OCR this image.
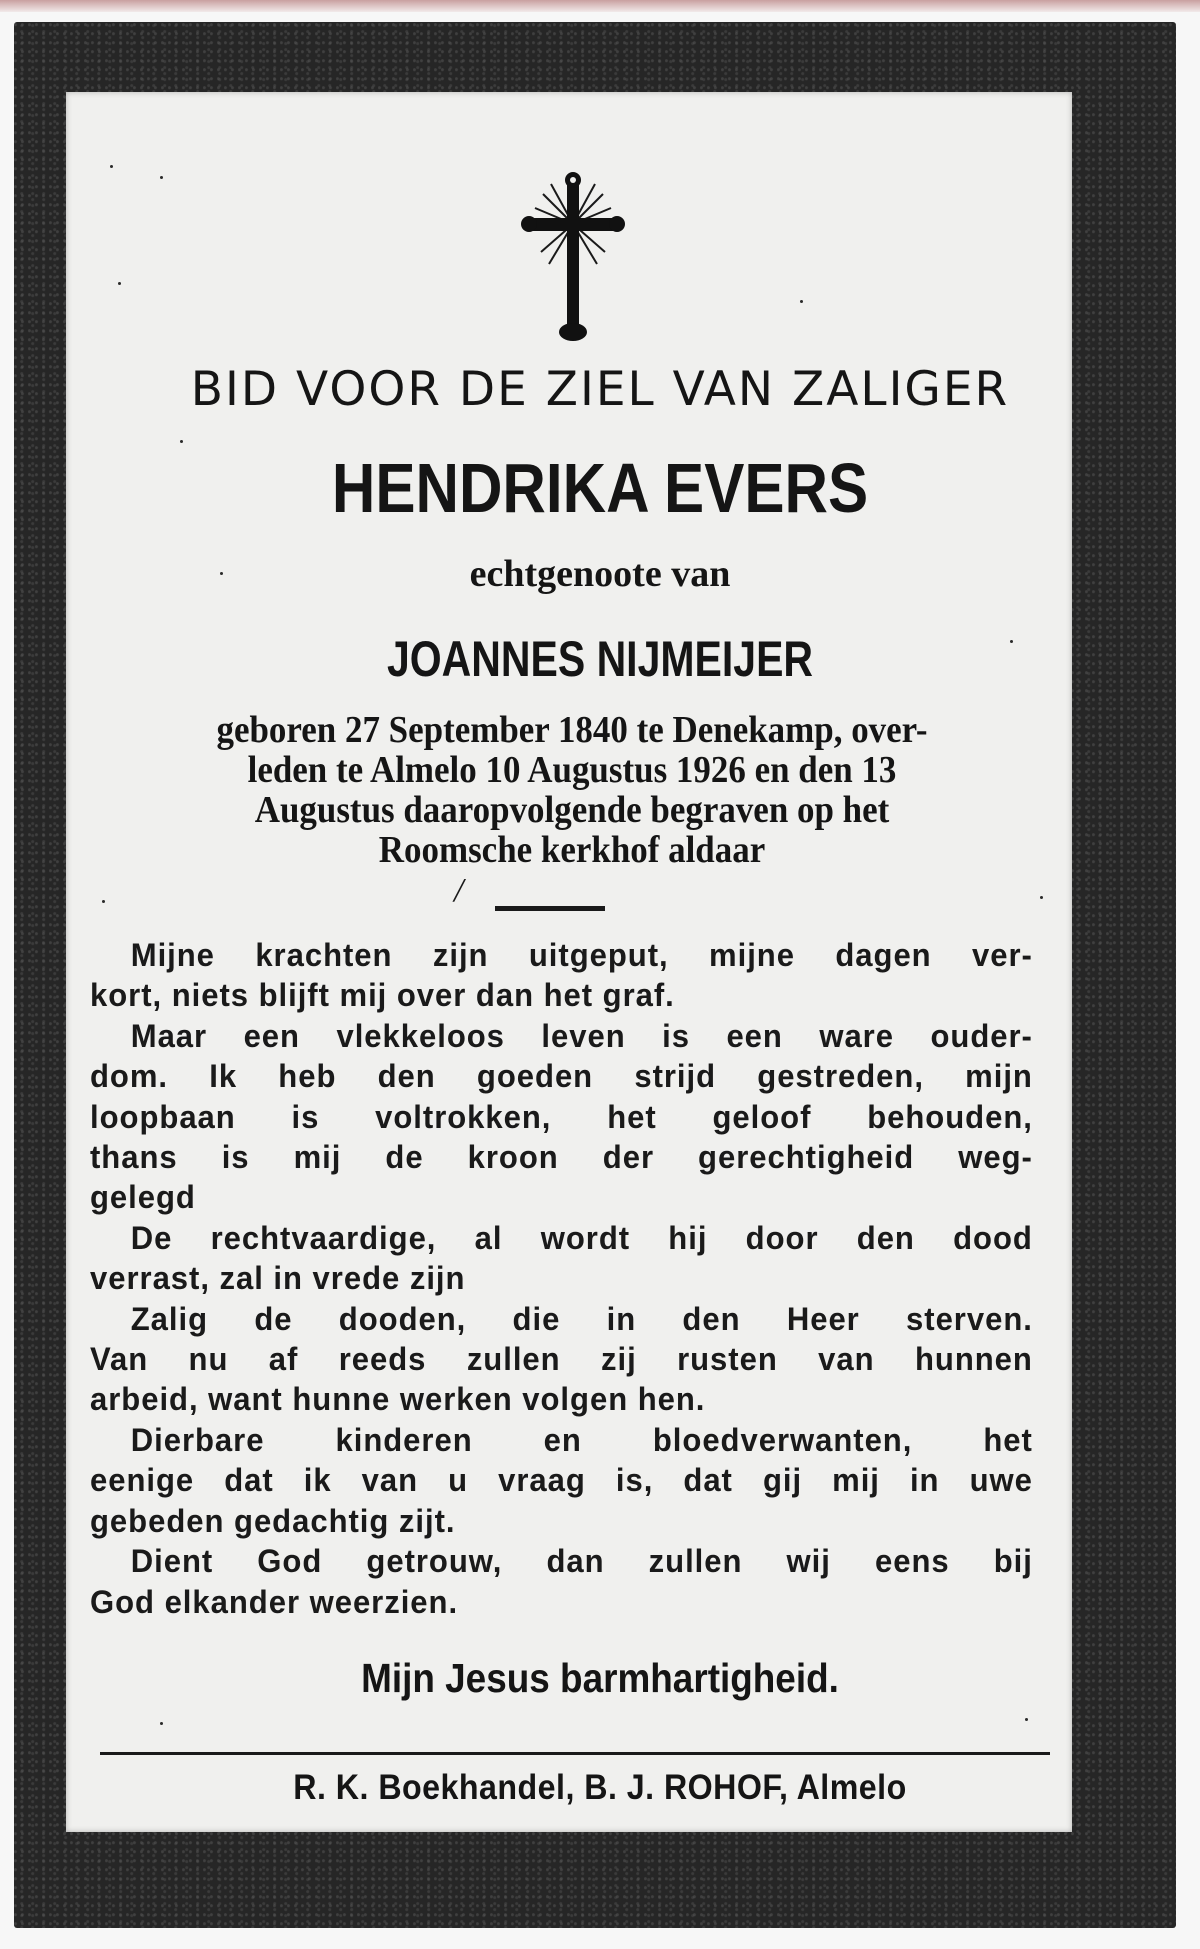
BID VOOR DE ZIEL VAN ZALIGER
HENDRIKA EVERS
echtgenoote van
JOANNES NIJMEIJER
geboren 27 September 1840 te Denekamp, over-
leden te Almelo 10 Augustus 1926 en den 13
Augustus daaropvolgende begraven op het
Roomsche kerkhof aldaar
/
Mijne krachten zijn uitgeput, mijne dagen ver-
kort, niets blijft mij over dan het graf.
Maar een vlekkeloos leven is een ware ouder-
dom. Ik heb den goeden strijd gestreden, mijn
loopbaan is voltrokken, het geloof behouden,
thans is mij de kroon der gerechtigheid weg-
gelegd
De rechtvaardige, al wordt hij door den dood
verrast, zal in vrede zijn
Zalig de dooden, die in den Heer sterven.
Van nu af reeds zullen zij rusten van hunnen
arbeid, want hunne werken volgen hen.
Dierbare kinderen en bloedverwanten, het
eenige dat ik van u vraag is, dat gij mij in uwe
gebeden gedachtig zijt.
Dient God getrouw, dan zullen wij eens bij
God elkander weerzien.
Mijn Jesus barmhartigheid.
R. K. Boekhandel, B. J. ROHOF, Almelo
